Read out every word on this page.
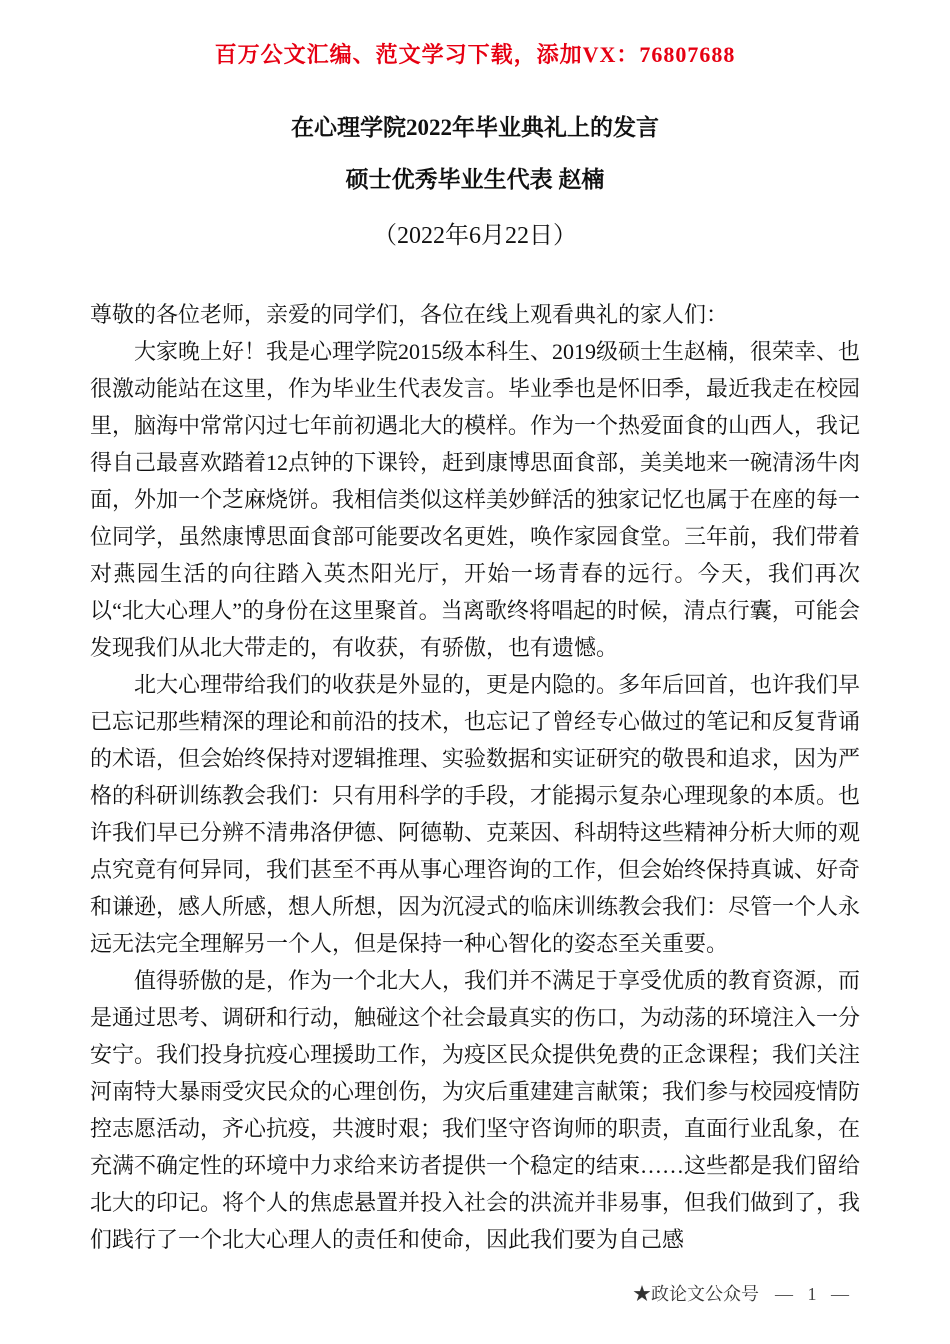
百万公文汇编、范文学习下载，添加VX：76807688
在心理学院2022年毕业典礼上的发言
硕士优秀毕业生代表 赵楠
（2022年6月22日）

尊敬的各位老师，亲爱的同学们，各位在线上观看典礼的家人们：

大家晚上好！我是心理学院2015级本科生、2019级硕士生赵楠，很荣幸、也很激动能站在这里，作为毕业生代表发言。毕业季也是怀旧季，最近我走在校园里，脑海中常常闪过七年前初遇北大的模样。作为一个热爱面食的山西人，我记得自己最喜欢踏着12点钟的下课铃，赶到康博思面食部，美美地来一碗清汤牛肉面，外加一个芝麻烧饼。我相信类似这样美妙鲜活的独家记忆也属于在座的每一位同学，虽然康博思面食部可能要改名更姓，唤作家园食堂。三年前，我们带着对燕园生活的向往踏入英杰阳光厅，开始一场青春的远行。今天，我们再次以“北大心理人”的身份在这里聚首。当离歌终将唱起的时候，清点行囊，可能会发现我们从北大带走的，有收获，有骄傲，也有遗憾。

北大心理带给我们的收获是外显的，更是内隐的。多年后回首，也许我们早已忘记那些精深的理论和前沿的技术，也忘记了曾经专心做过的笔记和反复背诵的术语，但会始终保持对逻辑推理、实验数据和实证研究的敬畏和追求，因为严格的科研训练教会我们：只有用科学的手段，才能揭示复杂心理现象的本质。也许我们早已分辨不清弗洛伊德、阿德勒、克莱因、科胡特这些精神分析大师的观点究竟有何异同，我们甚至不再从事心理咨询的工作，但会始终保持真诚、好奇和谦逊，感人所感，想人所想，因为沉浸式的临床训练教会我们：尽管一个人永远无法完全理解另一个人，但是保持一种心智化的姿态至关重要。

值得骄傲的是，作为一个北大人，我们并不满足于享受优质的教育资源，而是通过思考、调研和行动，触碰这个社会最真实的伤口，为动荡的环境注入一分安宁。我们投身抗疫心理援助工作，为疫区民众提供免费的正念课程；我们关注河南特大暴雨受灾民众的心理创伤，为灾后重建建言献策；我们参与校园疫情防控志愿活动，齐心抗疫，共渡时艰；我们坚守咨询师的职责，直面行业乱象，在充满不确定性的环境中力求给来访者提供一个稳定的结束……这些都是我们留给北大的印记。将个人的焦虑悬置并投入社会的洪流并非易事，但我们做到了，我们践行了一个北大心理人的责任和使命，因此我们要为自己感

★政论文公众号 — 1 —
